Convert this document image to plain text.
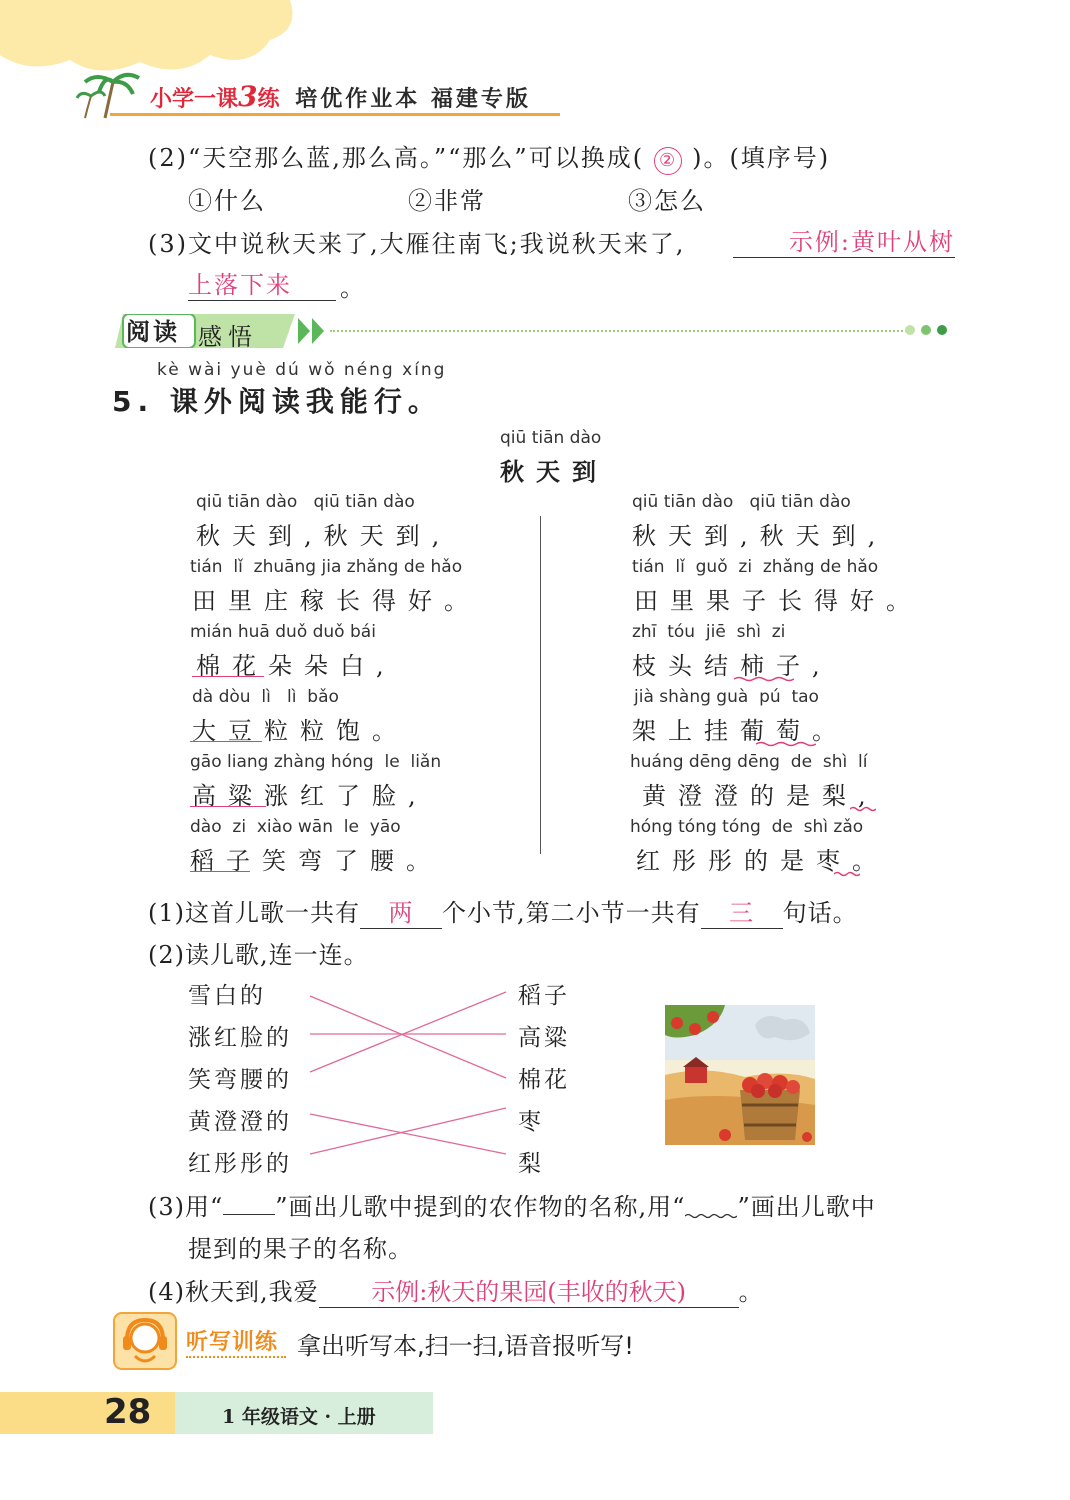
小学一课3练 培优作业本 福建专版
(2)“天空那么蓝,那么高。”“那么”可以换成( ② )。(填序号)
①什么	②非常	③怎么
(3)文中说秋天来了,大雁往南飞;我说秋天来了,	示例:黄叶从树
上落下来	。
阅读 感悟
kè wài yuè dú wǒ néng xíng
5. 课外阅读我能行。
qiū tiān dào
秋天到
qiū tiān dào   qiū tiān dào
秋天到,秋天到,
tián  lǐ  zhuāng jia zhǎng de hǎo
田里庄稼长得好。
mián huā duǒ duǒ bái
棉花朵朵白,
dà dòu  lì   lì  bǎo
大豆粒粒饱。
gāo liang zhàng hóng  le  liǎn
高粱涨红了脸,
dào  zi  xiào wān  le  yāo
稻子笑弯了腰。
qiū tiān dào   qiū tiān dào
秋天到,秋天到,
tián  lǐ  guǒ  zi  zhǎng de hǎo
田里果子长得好。
zhī  tóu  jiē  shì  zi
枝头结柿子,
jià shàng guà  pú  tao
架上挂葡萄。
huáng dēng dēng  de  shì  lí
黄澄澄的是梨,
hóng tóng tóng  de  shì zǎo
红彤彤的是枣。
(1)这首儿歌一共有 两 个小节,第二小节一共有 三 句话。
(2)读儿歌,连一连。
雪白的
涨红脸的
笑弯腰的
黄澄澄的
红彤彤的
稻子
高粱
棉花
枣
梨
(3)用“ ”画出儿歌中提到的农作物的名称,用“ ”画出儿歌中
提到的果子的名称。
(4)秋天到,我爱 示例:秋天的果园(丰收的秋天) 。
听写训练 拿出听写本,扫一扫,语音报听写!
28	1 年级语文 · 上册
